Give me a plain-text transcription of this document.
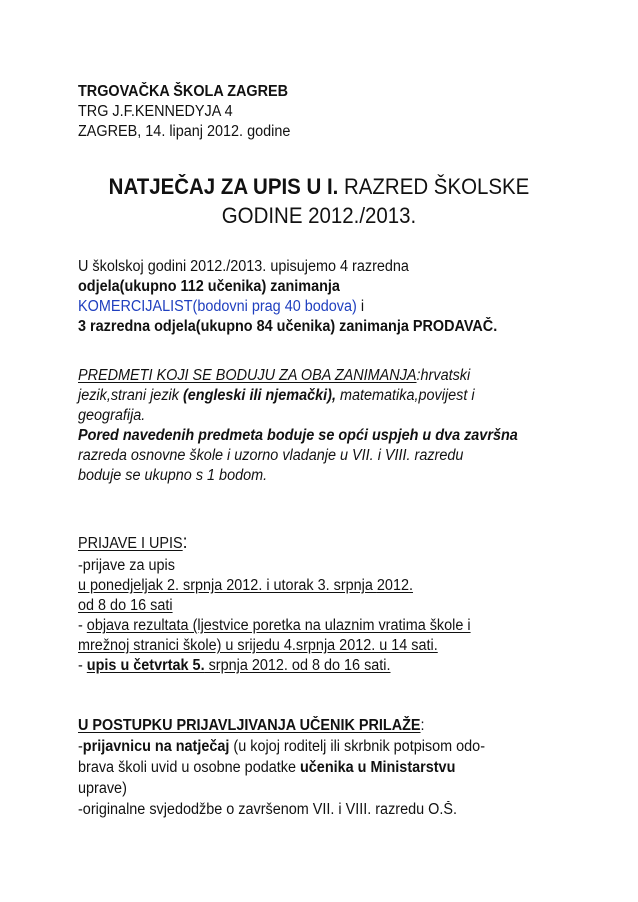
TRGOVAČKA ŠKOLA ZAGREB
TRG J.F.KENNEDYJA 4
ZAGREB, 14. lipanj 2012. godine
NATJEČAJ ZA UPIS U I. RAZRED ŠKOLSKE
GODINE 2012./2013.
U školskoj godini 2012./2013. upisujemo 4 razredna
odjela(ukupno 112 učenika) zanimanja
KOMERCIJALIST(bodovni prag 40 bodova) i
3 razredna odjela(ukupno 84 učenika) zanimanja PRODAVAČ.
PREDMETI KOJI SE BODUJU ZA OBA ZANIMANJA:hrvatski
jezik,strani jezik (engleski ili njemački), matematika,povijest i
geografija.
Pored navedenih predmeta boduje se opći uspjeh u dva završna
razreda osnovne škole i uzorno vladanje u VII. i VIII. razredu
boduje se ukupno s 1 bodom.
PRIJAVE I UPIS:
-prijave za upis
u ponedjeljak 2. srpnja 2012. i utorak 3. srpnja 2012.
od 8 do 16 sati
- objava rezultata (ljestvice poretka na ulaznim vratima škole i
mrežnoj stranici škole) u srijedu 4.srpnja 2012. u 14 sati.
- upis u četvrtak 5. srpnja 2012. od 8 do 16 sati.
U POSTUPKU PRIJAVLJIVANJA UČENIK PRILAŽE:
-prijavnicu na natječaj (u kojoj roditelj ili skrbnik potpisom odo-
brava školi uvid u osobne podatke učenika u Ministarstvu
uprave)
-originalne svjedodžbe o završenom VII. i VIII. razredu O.Š.
